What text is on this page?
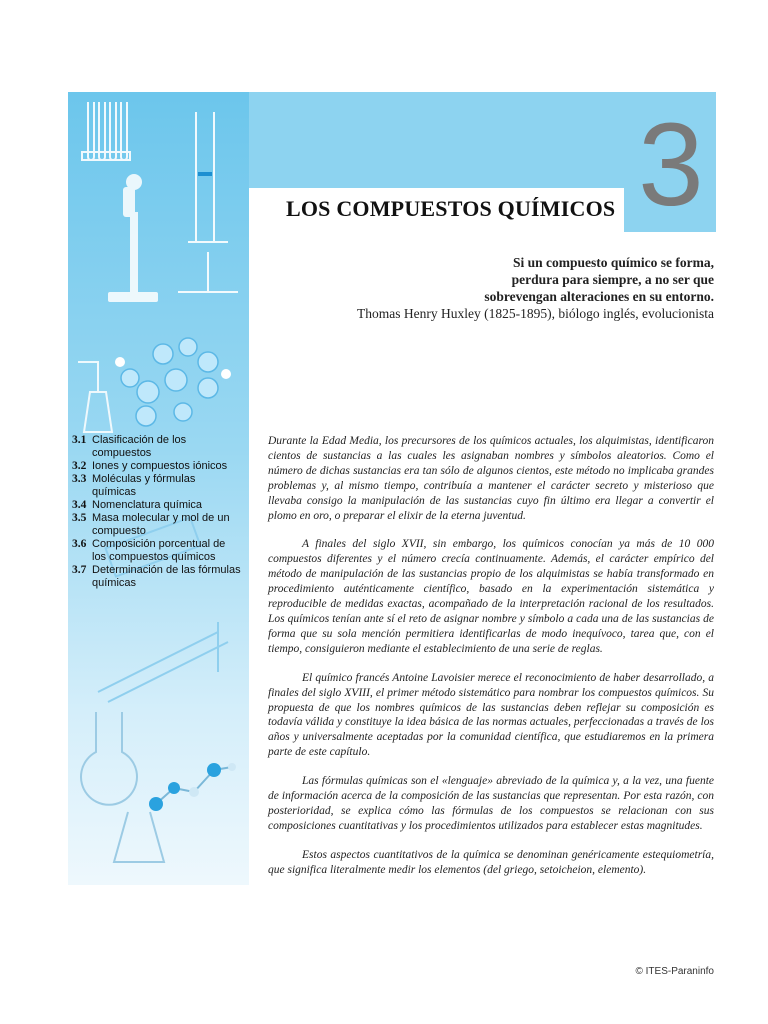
3
LOS COMPUESTOS QUÍMICOS
Si un compuesto químico se forma,
perdura para siempre, a no ser que
sobrevengan alteraciones en su entorno.
Thomas Henry Huxley (1825-1895), biólogo inglés, evolucionista
3.1 Clasificación de los compuestos
3.2 Iones y compuestos iónicos
3.3 Moléculas y fórmulas químicas
3.4 Nomenclatura química
3.5 Masa molecular y mol de un compuesto
3.6 Composición porcentual de los compuestos químicos
3.7 Determinación de las fórmulas químicas

Durante la Edad Media, los precursores de los químicos actuales, los alquimistas, identificaron cientos de sustancias a las cuales les asignaban nombres y símbolos aleatorios. Como el número de dichas sustancias era tan sólo de algunos cientos, este método no implicaba grandes problemas y, al mismo tiempo, contribuía a mantener el carácter secreto y misterioso que llevaba consigo la manipulación de las sustancias cuyo fin último era llegar a convertir el plomo en oro, o preparar el elixir de la eterna juventud.

A finales del siglo XVII, sin embargo, los químicos conocían ya más de 10 000 compuestos diferentes y el número crecía continuamente. Además, el carácter empírico del método de manipulación de las sustancias propio de los alquimistas se había transformado en procedimiento auténticamente científico, basado en la experimentación sistemática y reproducible de medidas exactas, acompañado de la interpretación racional de los resultados. Los químicos tenían ante sí el reto de asignar nombre y símbolo a cada una de las sustancias de forma que su sola mención permitiera identificarlas de modo inequívoco, tarea que, con el tiempo, consiguieron mediante el establecimiento de una serie de reglas.

El químico francés Antoine Lavoisier merece el reconocimiento de haber desarrollado, a finales del siglo XVIII, el primer método sistemático para nombrar los compuestos químicos. Su propuesta de que los nombres químicos de las sustancias deben reflejar su composición es todavía válida y constituye la idea básica de las normas actuales, perfeccionadas a través de los años y universalmente aceptadas por la comunidad científica, que estudiaremos en la primera parte de este capítulo.

Las fórmulas químicas son el «lenguaje» abreviado de la química y, a la vez, una fuente de información acerca de la composición de las sustancias que representan. Por esta razón, con posterioridad, se explica cómo las fórmulas de los compuestos se relacionan con sus composiciones cuantitativas y los procedimientos utilizados para establecer estas magnitudes.

Estos aspectos cuantitativos de la química se denominan genéricamente estequiometría, que significa literalmente medir los elementos (del griego, setoicheion, elemento).

© ITES-Paraninfo
